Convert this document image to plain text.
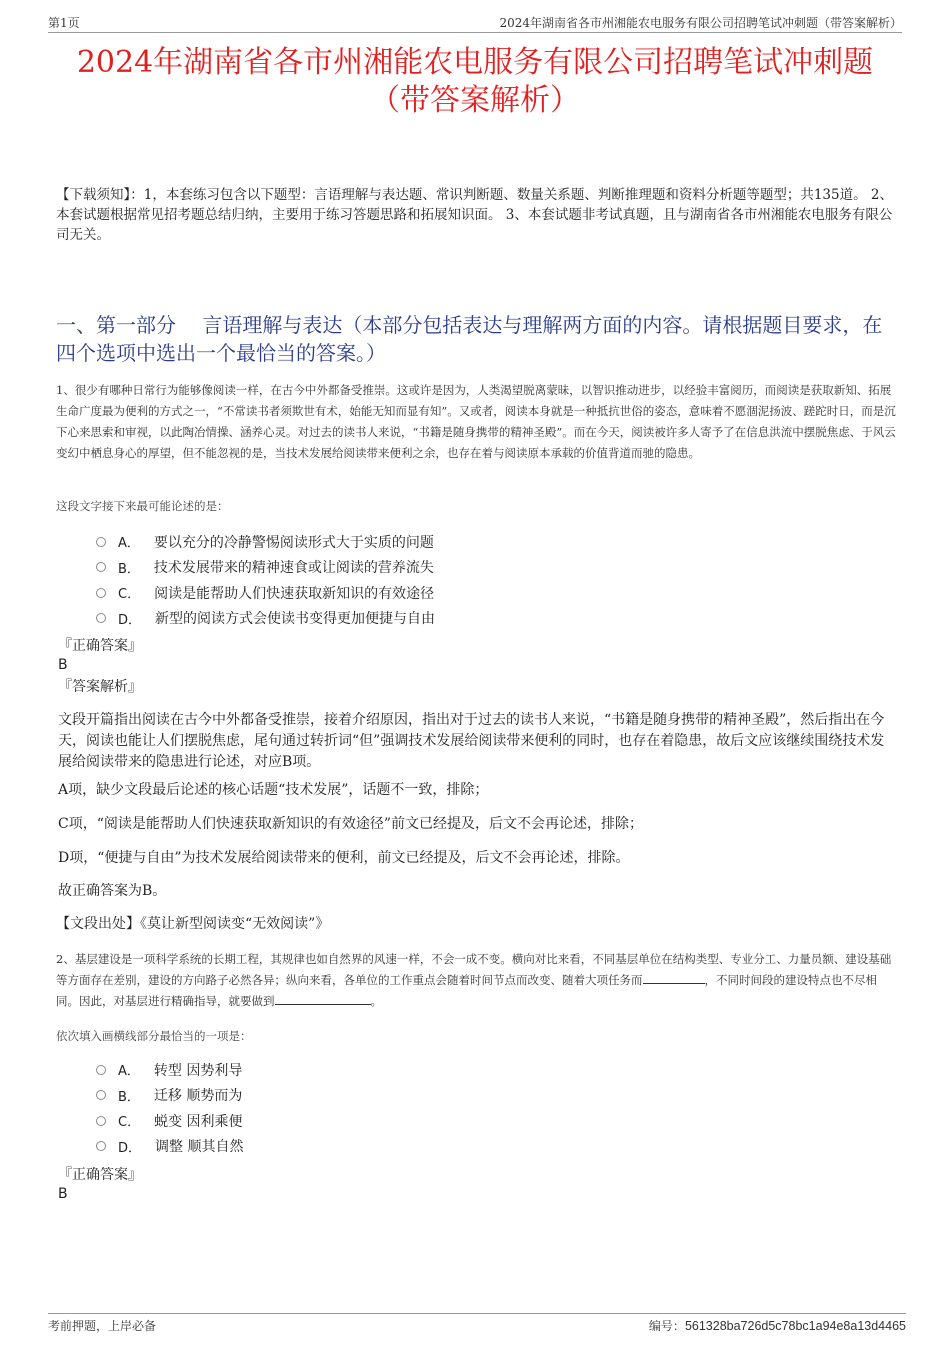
第1页	2024年湖南省各市州湘能农电服务有限公司招聘笔试冲刺题（带答案解析）
2024年湖南省各市州湘能农电服务有限公司招聘笔试冲刺题
（带答案解析）
【下载须知】：1，本套练习包含以下题型：言语理解与表达题、常识判断题、数量关系题、判断推理题和资料分析题等题型；共135道。 2、本套试题根据常见招考题总结归纳，主要用于练习答题思路和拓展知识面。 3、本套试题非考试真题，且与湖南省各市州湘能农电服务有限公司无关。
一、第一部分　 言语理解与表达（本部分包括表达与理解两方面的内容。请根据题目要求，在四个选项中选出一个最恰当的答案。）
1、很少有哪种日常行为能够像阅读一样，在古今中外都备受推崇。这或许是因为，人类渴望脱离蒙昧，以智识推动进步，以经验丰富阅历，而阅读是获取新知、拓展生命广度最为便利的方式之一，“不常读书者须欺世有术，始能无知而显有知”。又或者，阅读本身就是一种抵抗世俗的姿态，意味着不愿涸泥扬波、蹉跎时日，而是沉下心来思索和审视，以此陶冶情操、涵养心灵。对过去的读书人来说，“书籍是随身携带的精神圣殿”。而在今天，阅读被许多人寄予了在信息洪流中摆脱焦虑、于风云变幻中栖息身心的厚望，但不能忽视的是，当技术发展给阅读带来便利之余，也存在着与阅读原本承载的价值背道而驰的隐患。
这段文字接下来最可能论述的是：
A． 要以充分的冷静警惕阅读形式大于实质的问题
B． 技术发展带来的精神速食或让阅读的营养流失
C． 阅读是能帮助人们快速获取新知识的有效途径
D． 新型的阅读方式会使读书变得更加便捷与自由
『正确答案』
B
『答案解析』
文段开篇指出阅读在古今中外都备受推崇，接着介绍原因，指出对于过去的读书人来说，“书籍是随身携带的精神圣殿”，然后指出在今天，阅读也能让人们摆脱焦虑，尾句通过转折词“但”强调技术发展给阅读带来便利的同时，也存在着隐患，故后文应该继续围绕技术发展给阅读带来的隐患进行论述，对应B项。
A项，缺少文段最后论述的核心话题“技术发展”，话题不一致，排除；
C项，“阅读是能帮助人们快速获取新知识的有效途径”前文已经提及，后文不会再论述，排除；
D项，“便捷与自由”为技术发展给阅读带来的便利，前文已经提及，后文不会再论述，排除。
故正确答案为B。
【文段出处】《莫让新型阅读变“无效阅读”》
2、基层建设是一项科学系统的长期工程，其规律也如自然界的风速一样，不会一成不变。横向对比来看，不同基层单位在结构类型、专业分工、力量员额、建设基础等方面存在差别，建设的方向路子必然各异；纵向来看，各单位的工作重点会随着时间节点而改变、随着大项任务而	，不同时间段的建设特点也不尽相同。因此，对基层进行精确指导，就要做到	。
依次填入画横线部分最恰当的一项是：
A． 转型 因势利导
B． 迁移 顺势而为
C． 蜕变 因利乘便
D． 调整 顺其自然
『正确答案』
B
考前押题，上岸必备	编号：561328ba726d5c78bc1a94e8a13d4465
